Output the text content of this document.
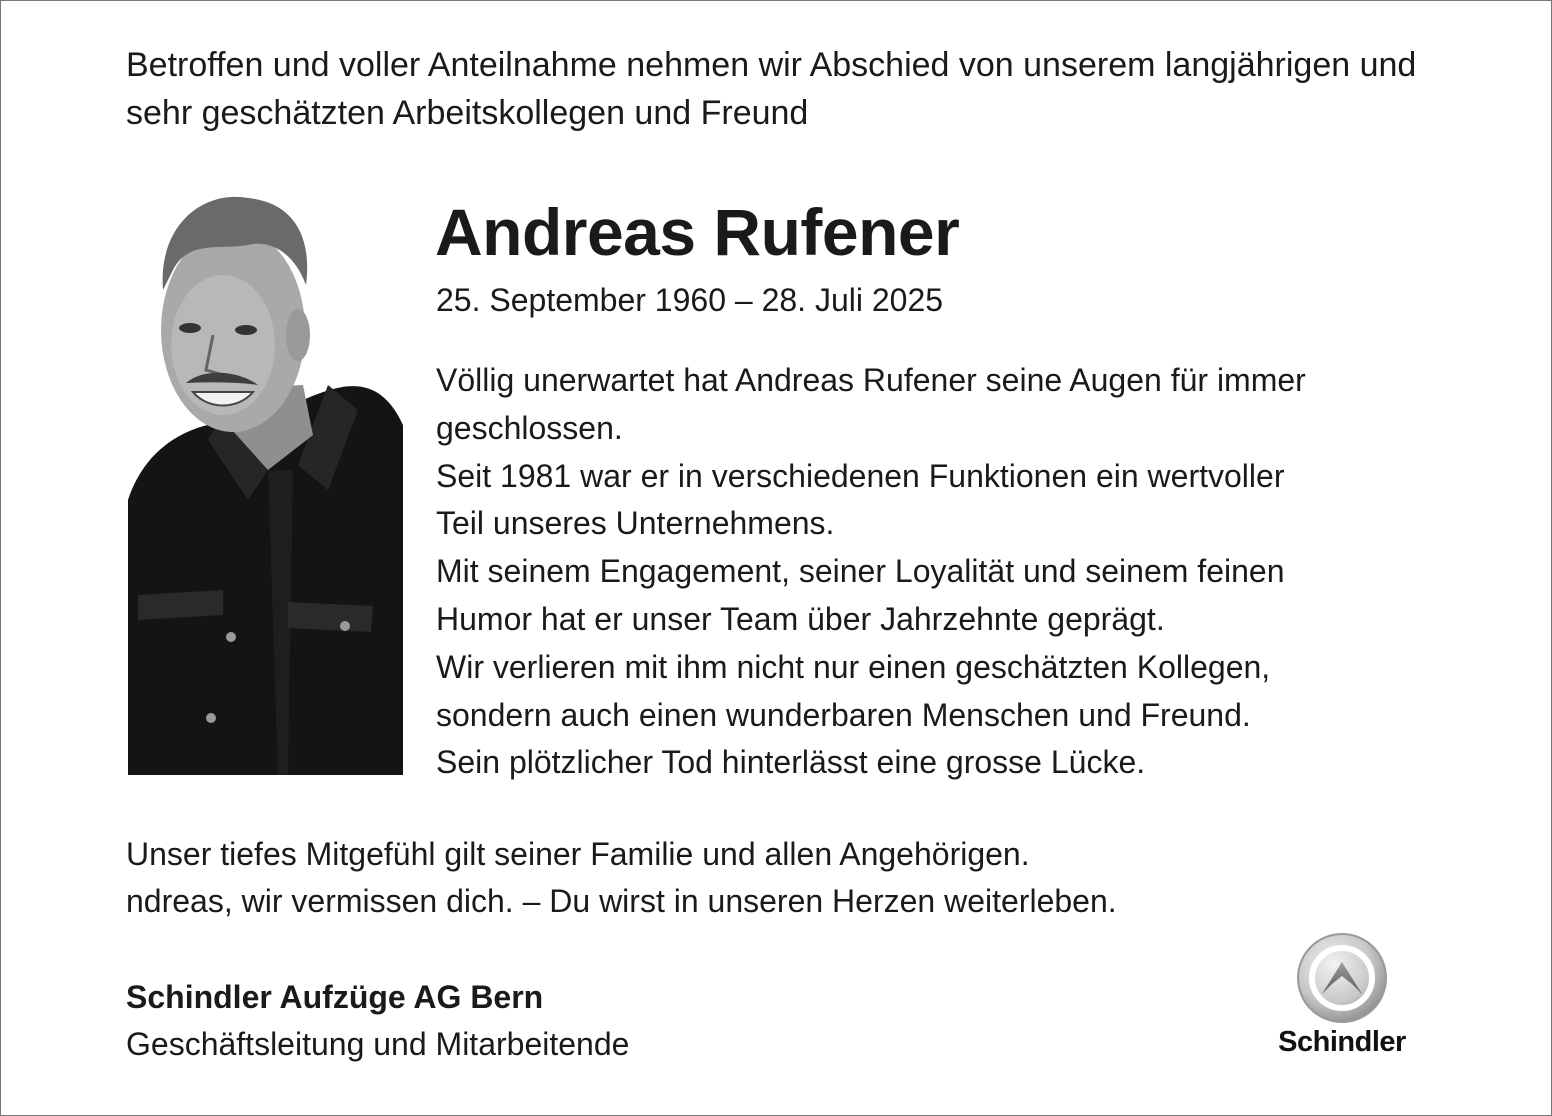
Betroffen und voller Anteilnahme nehmen wir Abschied von unserem langjährigen und sehr geschätzten Arbeitskollegen und Freund

Andreas Rufener

25. September 1960 – 28. Juli 2025

Völlig unerwartet hat Andreas Rufener seine Augen für immer
geschlossen.
Seit 1981 war er in verschiedenen Funktionen ein wertvoller
Teil unseres Unternehmens.
Mit seinem Engagement, seiner Loyalität und seinem feinen
Humor hat er unser Team über Jahrzehnte geprägt.
Wir verlieren mit ihm nicht nur einen geschätzten Kollegen,
sondern auch einen wunderbaren Menschen und Freund.
Sein plötzlicher Tod hinterlässt eine grosse Lücke.

Unser tiefes Mitgefühl gilt seiner Familie und allen Angehörigen.
ndreas, wir vermissen dich. – Du wirst in unseren Herzen weiterleben.

Schindler Aufzüge AG Bern

Geschäftsleitung und Mitarbeitende	Schindler
